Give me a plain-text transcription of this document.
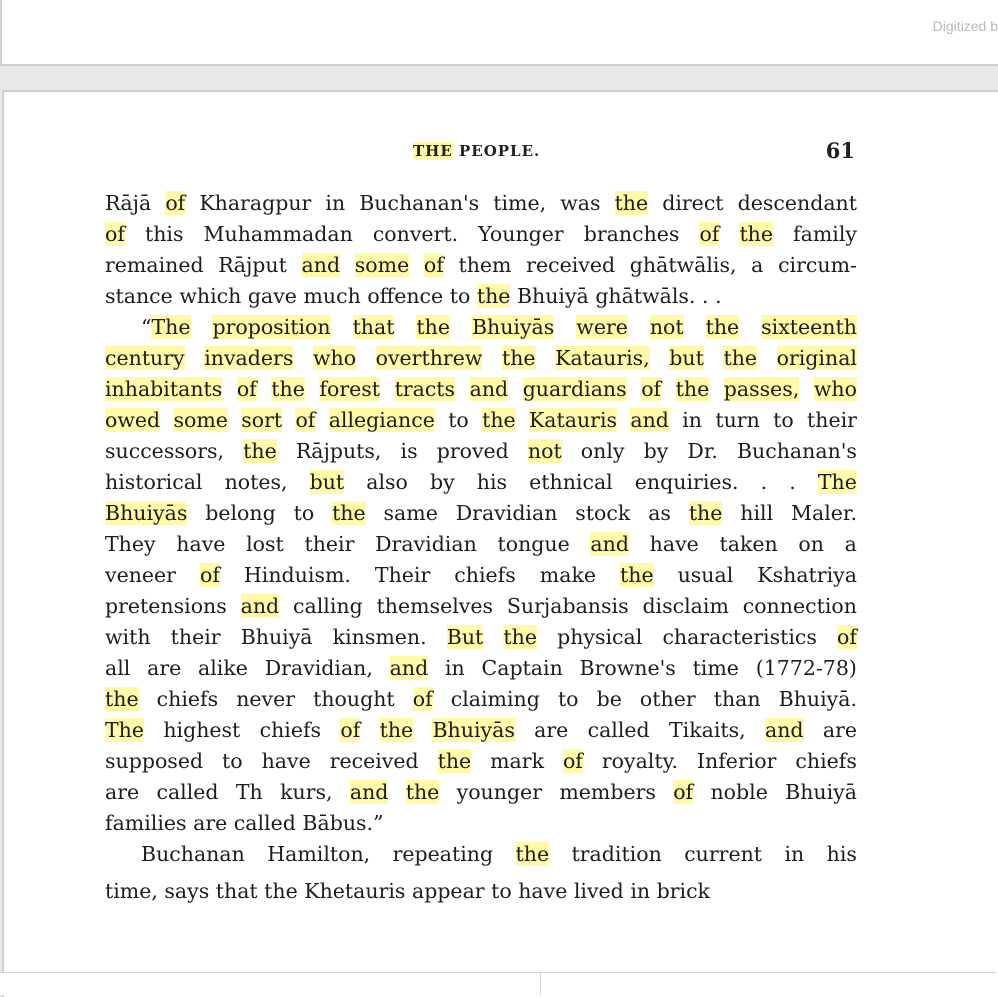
Digitized b
THE PEOPLE.	61
Rājā of Kharagpur in Buchanan's time, was the direct descendant
of this Muhammadan convert. Younger branches of the family
remained Rājput and some of them received ghātwālis, a circum-
stance which gave much offence to the Bhuiyā ghātwāls. . .
“The proposition that the Bhuiyās were not the sixteenth
century invaders who overthrew the Katauris, but the original
inhabitants of the forest tracts and guardians of the passes, who
owed some sort of allegiance to the Katauris and in turn to their
successors, the Rājputs, is proved not only by Dr. Buchanan's
historical notes, but also by his ethnical enquiries. . . The
Bhuiyās belong to the same Dravidian stock as the hill Maler.
They have lost their Dravidian tongue and have taken on a
veneer of Hinduism. Their chiefs make the usual Kshatriya
pretensions and calling themselves Surjabansis disclaim connection
with their Bhuiyā kinsmen. But the physical characteristics of
all are alike Dravidian, and in Captain Browne's time (1772-78)
the chiefs never thought of claiming to be other than Bhuiyā.
The highest chiefs of the Bhuiyās are called Tikaits, and are
supposed to have received the mark of royalty. Inferior chiefs
are called Th kurs, and the younger members of noble Bhuiyā
families are called Bābus.”
Buchanan Hamilton, repeating the tradition current in his
